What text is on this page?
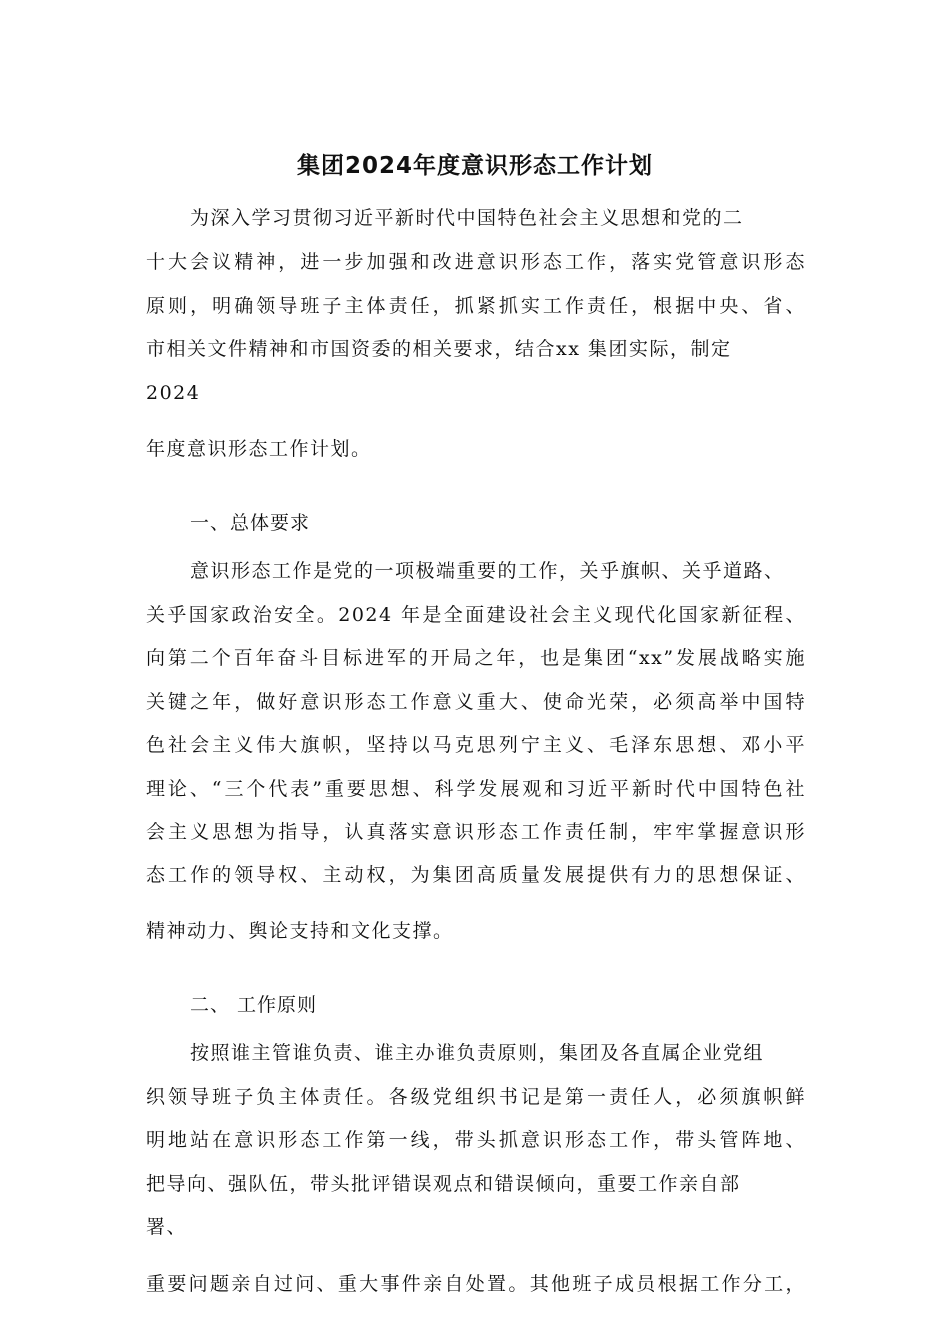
集团2024年度意识形态工作计划
为深入学习贯彻习近平新时代中国特色社会主义思想和党的二
十大会议精神，进一步加强和改进意识形态工作，落实党管意识形态
原则，明确领导班子主体责任，抓紧抓实工作责任，根据中央、省、
市相关文件精神和市国资委的相关要求，结合xx 集团实际，制定
2024
年度意识形态工作计划。
一、总体要求
意识形态工作是党的一项极端重要的工作，关乎旗帜、关乎道路、
关乎国家政治安全。2024 年是全面建设社会主义现代化国家新征程、
向第二个百年奋斗目标进军的开局之年，也是集团“xx”发展战略实施
关键之年，做好意识形态工作意义重大、使命光荣，必须高举中国特
色社会主义伟大旗帜，坚持以马克思列宁主义、毛泽东思想、邓小平
理论、“三个代表”重要思想、科学发展观和习近平新时代中国特色社
会主义思想为指导，认真落实意识形态工作责任制，牢牢掌握意识形
态工作的领导权、主动权，为集团高质量发展提供有力的思想保证、
精神动力、舆论支持和文化支撑。
二、 工作原则
按照谁主管谁负责、谁主办谁负责原则，集团及各直属企业党组
织领导班子负主体责任。各级党组织书记是第一责任人，必须旗帜鲜
明地站在意识形态工作第一线，带头抓意识形态工作，带头管阵地、
把导向、强队伍，带头批评错误观点和错误倾向，重要工作亲自部
署、
重要问题亲自过问、重大事件亲自处置。其他班子成员根据工作分工，
